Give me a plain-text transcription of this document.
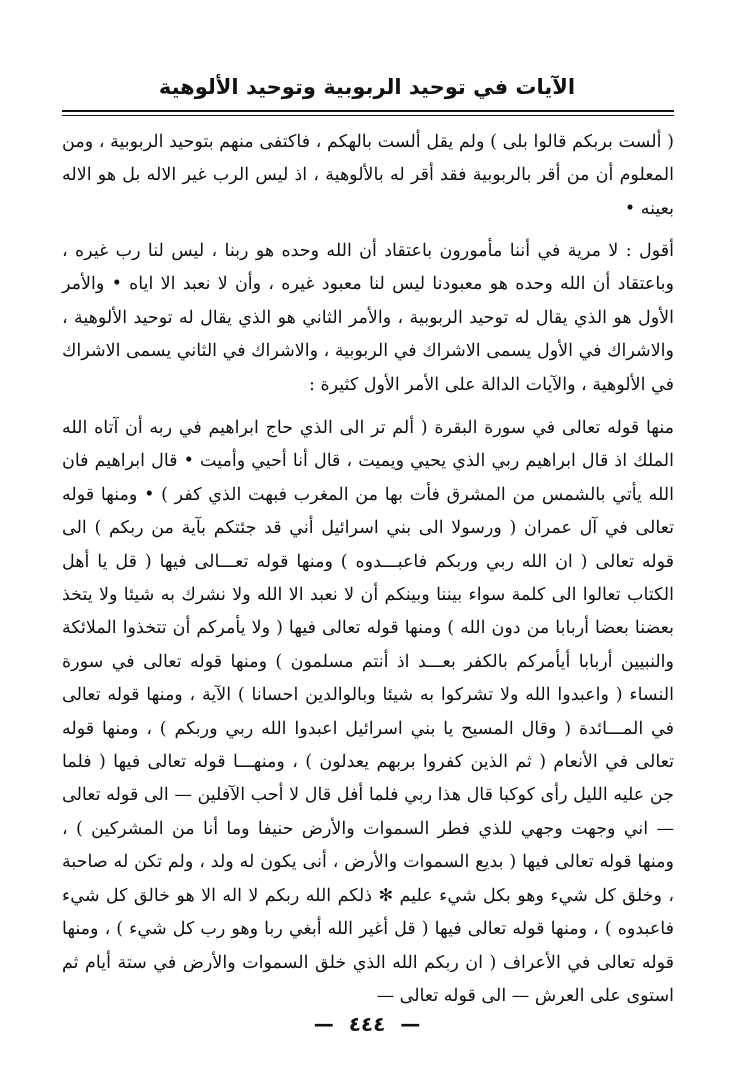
الآيات في توحيد الربوبية وتوحيد الألوهية

( ألست بربكم قالوا بلى ) ولم يقل ألست بالهكم ، فاكتفى منهم بتوحيد الربوبية ، ومن المعلوم أن من أقر بالربوبية فقد أقر له بالألوهية ، اذ ليس الرب غير الاله بل هو الاله بعينه •

أقول : لا مرية في أننا مأمورون باعتقاد أن الله وحده هو ربنا ، ليس لنا رب غيره ، وباعتقاد أن الله وحده هو معبودنا ليس لنا معبود غيره ، وأن لا نعبد الا اياه • والأمر الأول هو الذي يقال له توحيد الربوبية ، والأمر الثاني هو الذي يقال له توحيد الألوهية ، والاشراك في الأول يسمى الاشراك في الربوبية ، والاشراك في الثاني يسمى الاشراك في الألوهية ، والآيات الدالة على الأمر الأول كثيرة :

منها قوله تعالى في سورة البقرة ( ألم تر الى الذي حاج ابراهيم في ربه أن آتاه الله الملك اذ قال ابراهيم ربي الذي يحيي ويميت ، قال أنا أحيي وأميت • قال ابراهيم فان الله يأتي بالشمس من المشرق فأت بها من المغرب فبهت الذي كفر ) • ومنها قوله تعالى في آل عمران ( ورسولا الى بني اسرائيل أني قد جئتكم بآية من ربكم ) الى قوله تعالى ( ان الله ربي وربكم فاعبـــدوه ) ومنها قوله تعـــالى فيها ( قل يا أهل الكتاب تعالوا الى كلمة سواء بيننا وبينكم أن لا نعبد الا الله ولا نشرك به شيئا ولا يتخذ بعضنا بعضا أربابا من دون الله ) ومنها قوله تعالى فيها ( ولا يأمركم أن تتخذوا الملائكة والنبيين أربابا أيأمركم بالكفر بعـــد اذ أنتم مسلمون ) ومنها قوله تعالى في سورة النساء ( واعبدوا الله ولا تشركوا به شيئا وبالوالدين احسانا ) الآية ، ومنها قوله تعالى في المـــائدة ( وقال المسيح يا بني اسرائيل اعبدوا الله ربي وربكم ) ، ومنها قوله تعالى في الأنعام ( ثم الذين كفروا بربهم يعدلون ) ، ومنهـــا قوله تعالى فيها ( فلما جن عليه الليل رأى كوكبا قال هذا ربي فلما أفل قال لا أحب الآفلين — الى قوله تعالى — اني وجهت وجهي للذي فطر السموات والأرض حنيفا وما أنا من المشركين ) ، ومنها قوله تعالى فيها ( بديع السموات والأرض ، أنى يكون له ولد ، ولم تكن له صاحبة ، وخلق كل شيء وهو بكل شيء عليم ✻ ذلكم الله ربكم لا اله الا هو خالق كل شيء فاعبدوه ) ، ومنها قوله تعالى فيها ( قل أغير الله أبغي ربا وهو رب كل شيء ) ، ومنها قوله تعالى في الأعراف ( ان ربكم الله الذي خلق السموات والأرض في ستة أيام ثم استوى على العرش — الى قوله تعالى —

— ٤٤٤ —
